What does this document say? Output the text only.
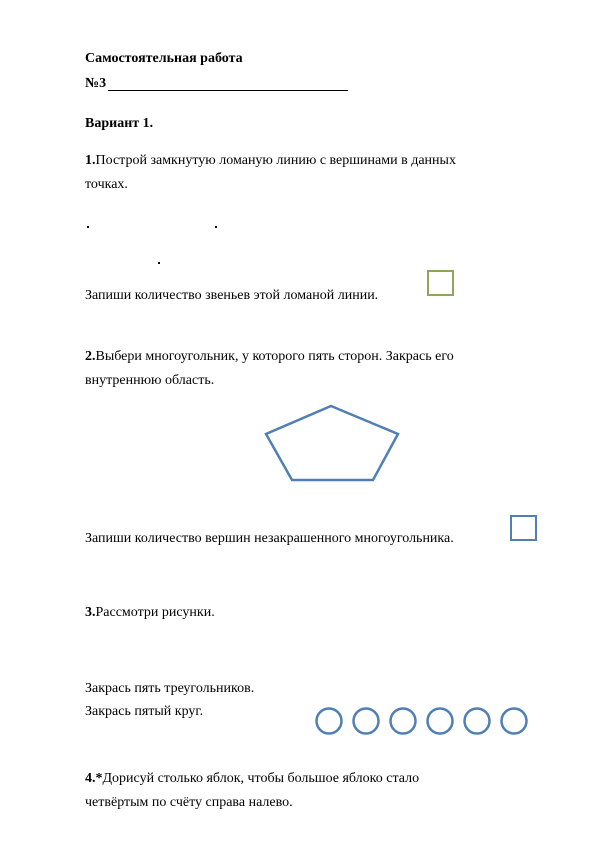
Самостоятельная работа
№3
Вариант 1.
1.Построй замкнутую ломаную линию с вершинами в данных
точках.
Запиши количество звеньев этой ломаной линии.
2.Выбери многоугольник, у которого пять сторон. Закрась его
внутреннюю область.
Запиши количество вершин незакрашенного многоугольника.
3.Рассмотри рисунки.
Закрась пять треугольников.
Закрась пятый круг.
4.*Дорисуй столько яблок, чтобы большое яблоко стало
четвёртым по счёту справа налево.
